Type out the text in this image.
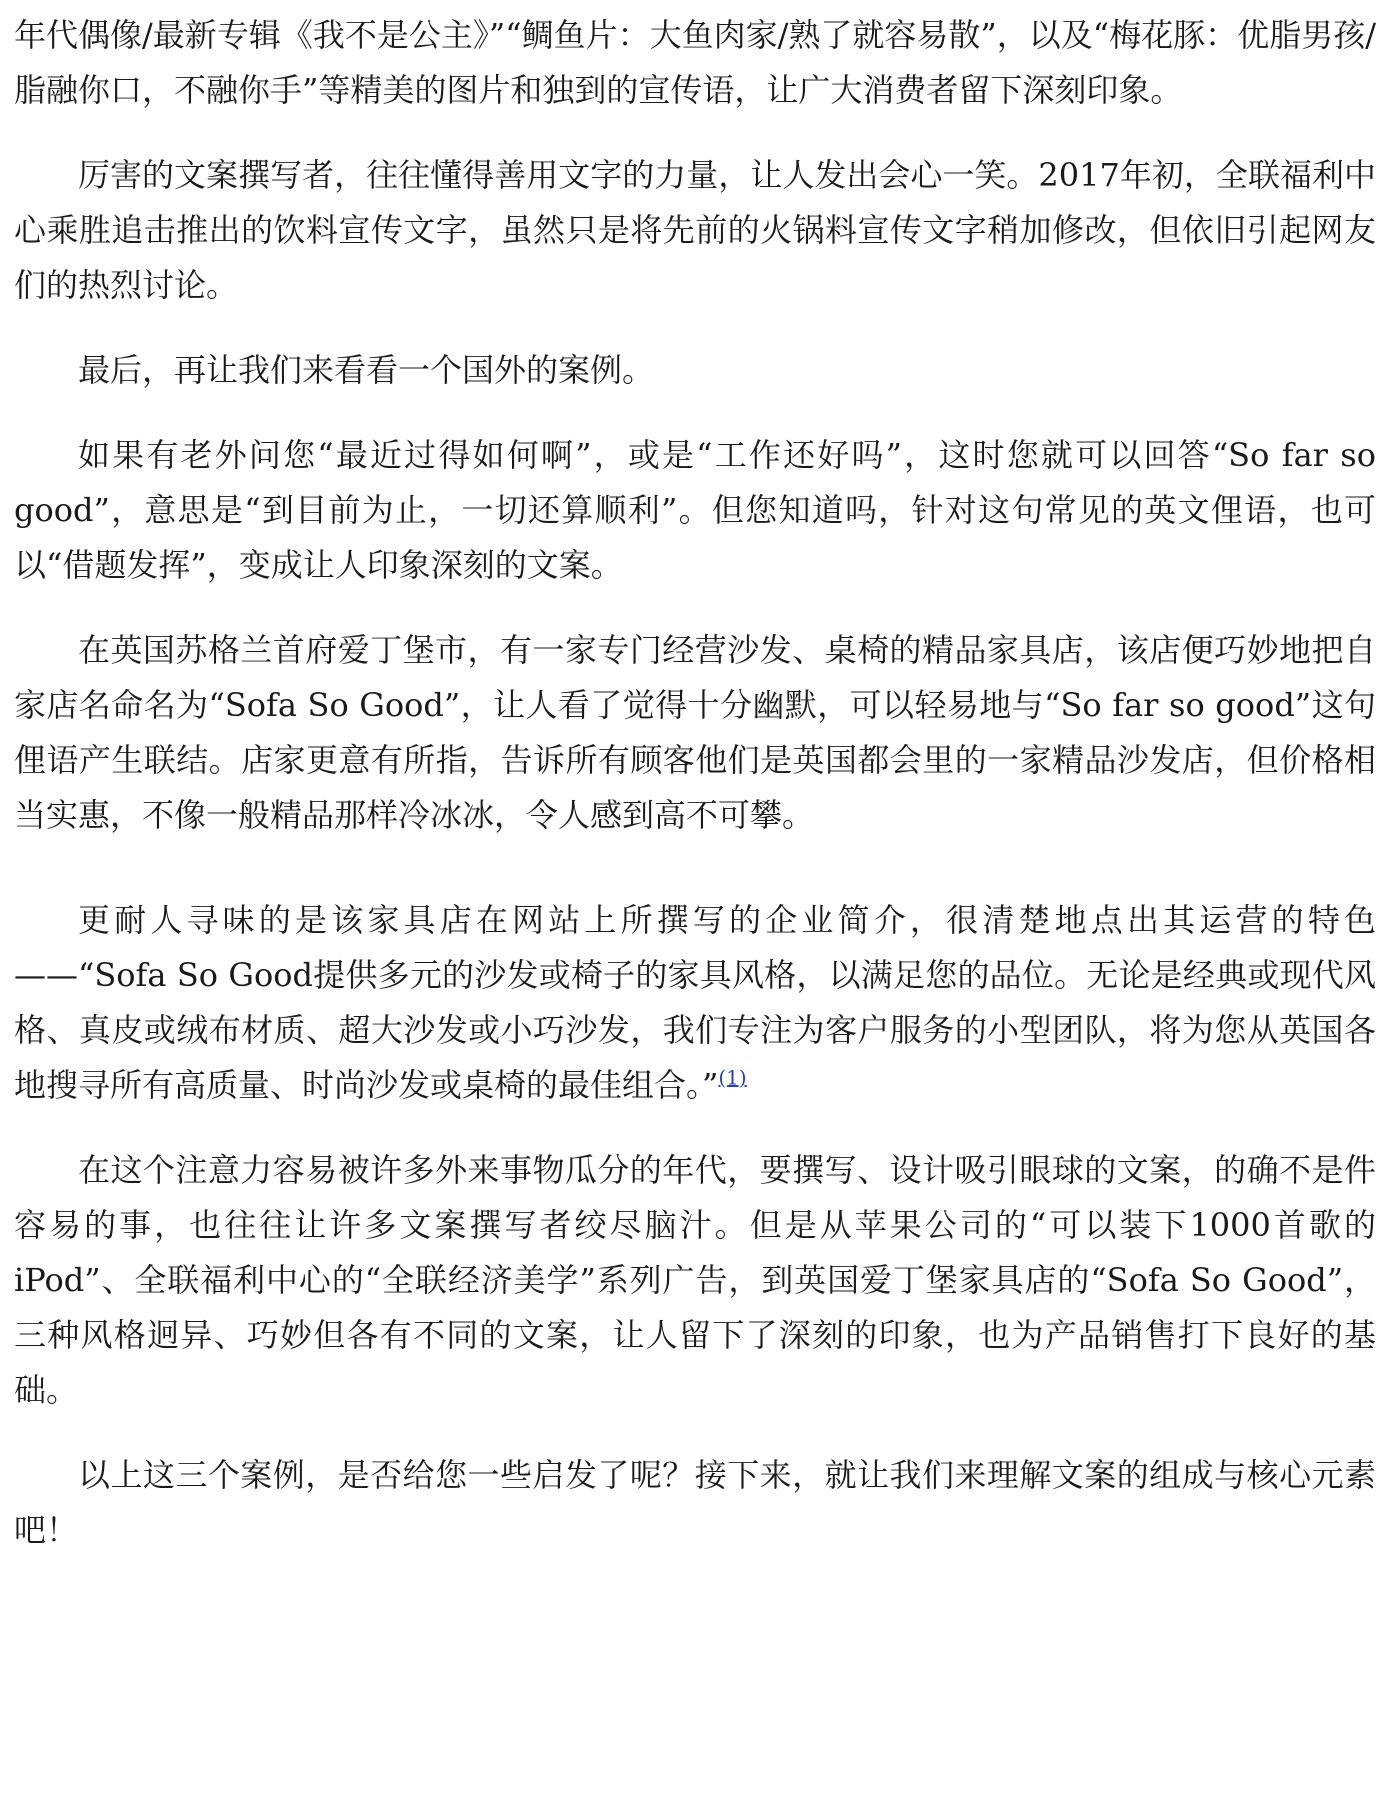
年代偶像/最新专辑《我不是公主》”“鲷鱼片：大鱼肉家/熟了就容易散”，以及“梅花豚：优脂男孩/脂融你口，不融你手”等精美的图片和独到的宣传语，让广大消费者留下深刻印象。

厉害的文案撰写者，往往懂得善用文字的力量，让人发出会心一笑。2017年初，全联福利中心乘胜追击推出的饮料宣传文字，虽然只是将先前的火锅料宣传文字稍加修改，但依旧引起网友们的热烈讨论。

最后，再让我们来看看一个国外的案例。

如果有老外问您“最近过得如何啊”，或是“工作还好吗”，这时您就可以回答“So far so good”，意思是“到目前为止，一切还算顺利”。但您知道吗，针对这句常见的英文俚语，也可以“借题发挥”，变成让人印象深刻的文案。

在英国苏格兰首府爱丁堡市，有一家专门经营沙发、桌椅的精品家具店，该店便巧妙地把自家店名命名为“Sofa So Good”，让人看了觉得十分幽默，可以轻易地与“So far so good”这句俚语产生联结。店家更意有所指，告诉所有顾客他们是英国都会里的一家精品沙发店，但价格相当实惠，不像一般精品那样冷冰冰，令人感到高不可攀。

更耐人寻味的是该家具店在网站上所撰写的企业简介，很清楚地点出其运营的特色——“Sofa So Good提供多元的沙发或椅子的家具风格，以满足您的品位。无论是经典或现代风格、真皮或绒布材质、超大沙发或小巧沙发，我们专注为客户服务的小型团队，将为您从英国各地搜寻所有高质量、时尚沙发或桌椅的最佳组合。”$^{(1)}$

在这个注意力容易被许多外来事物瓜分的年代，要撰写、设计吸引眼球的文案，的确不是件容易的事，也往往让许多文案撰写者绞尽脑汁。但是从苹果公司的“可以装下1000首歌的iPod”、全联福利中心的“全联经济美学”系列广告，到英国爱丁堡家具店的“Sofa So Good”，三种风格迥异、巧妙但各有不同的文案，让人留下了深刻的印象，也为产品销售打下良好的基础。

以上这三个案例，是否给您一些启发了呢？接下来，就让我们来理解文案的组成与核心元素吧！
